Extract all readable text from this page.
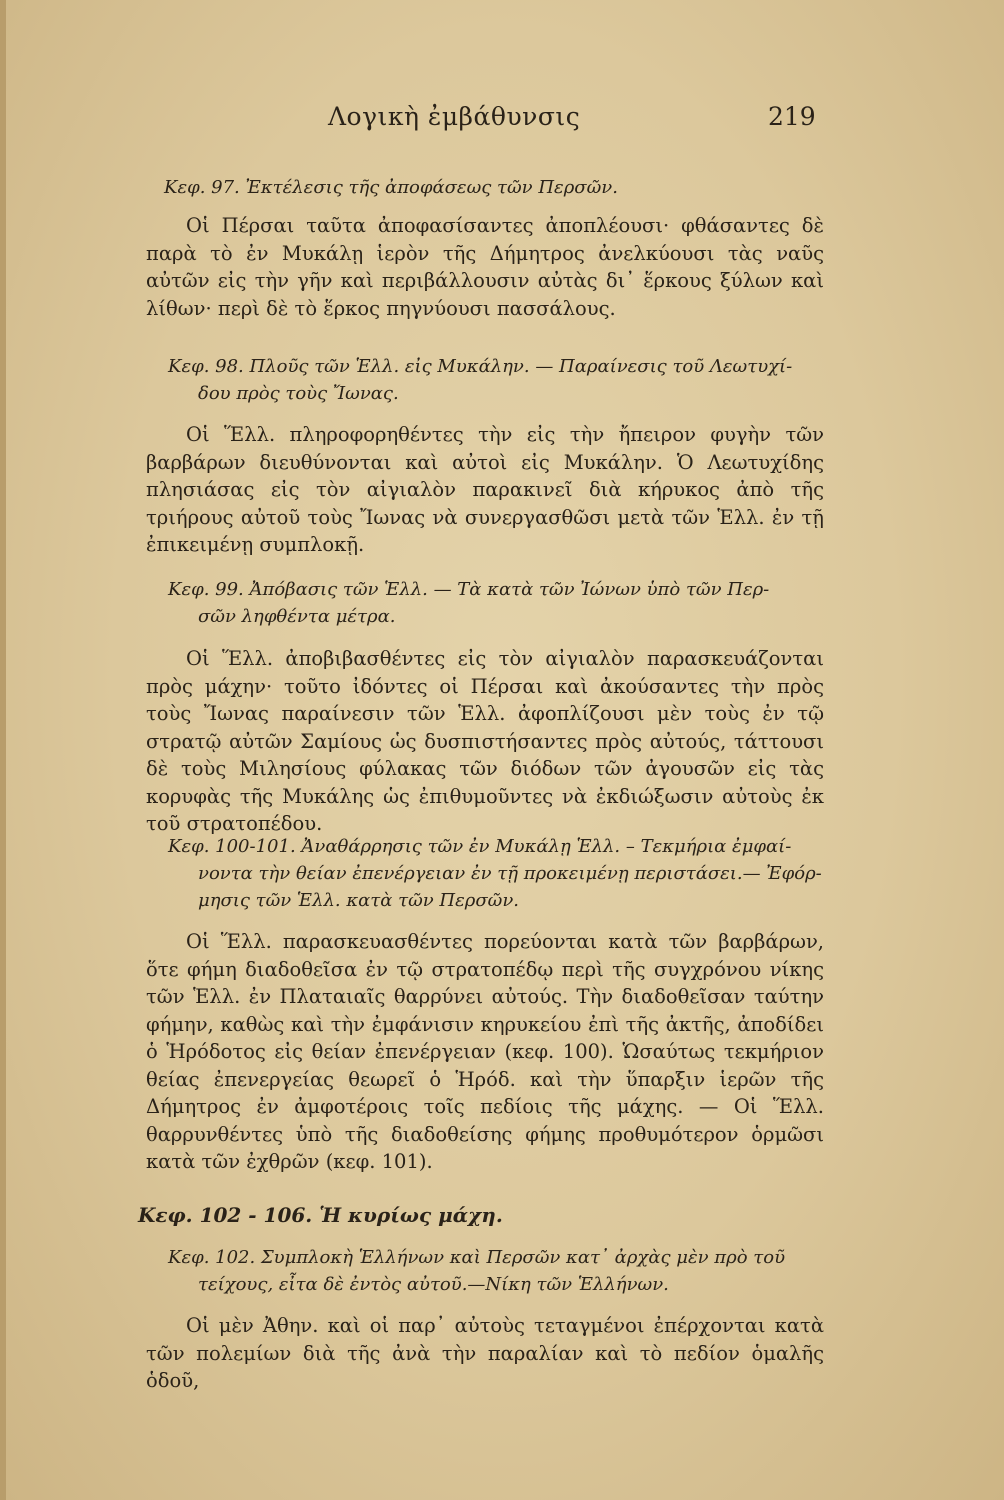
Λογικὴ ἐμβάθυνσις	219
Κεφ. 97. Ἐκτέλεσις τῆς ἀποφάσεως τῶν Περσῶν.
Οἱ Πέρσαι ταῦτα ἀποφασίσαντες ἀποπλέουσι· φθάσαντες δὲ παρὰ τὸ ἐν Μυκάλῃ ἱερὸν τῆς Δήμητρος ἀνελκύουσι τὰς ναῦς αὐτῶν εἰς τὴν γῆν καὶ περιβάλλουσιν αὐτὰς δι᾿ ἕρκους ξύλων καὶ λίθων· περὶ δὲ τὸ ἕρκος πηγνύουσι πασσάλους.
Κεφ. 98. Πλοῦς τῶν Ἑλλ. εἰς Μυκάλην. — Παραίνεσις τοῦ Λεωτυχί-
δου πρὸς τοὺς Ἴωνας.
Οἱ Ἕλλ. πληροφορηθέντες τὴν εἰς τὴν ἤπειρον φυγὴν τῶν βαρβάρων διευθύνονται καὶ αὐτοὶ εἰς Μυκάλην. Ὁ Λεωτυχίδης πλησιάσας εἰς τὸν αἰγιαλὸν παρακινεῖ διὰ κήρυκος ἀπὸ τῆς τριήρους αὐτοῦ τοὺς Ἴωνας νὰ συνεργασθῶσι μετὰ τῶν Ἑλλ. ἐν τῇ ἐπικειμένῃ συμπλοκῇ.
Κεφ. 99. Ἀπόβασις τῶν Ἑλλ. — Τὰ κατὰ τῶν Ἰώνων ὑπὸ τῶν Περ-
σῶν ληφθέντα μέτρα.
Οἱ Ἕλλ. ἀποβιβασθέντες εἰς τὸν αἰγιαλὸν παρασκευάζονται πρὸς μάχην· τοῦτο ἰδόντες οἱ Πέρσαι καὶ ἀκούσαντες τὴν πρὸς τοὺς Ἴωνας παραίνεσιν τῶν Ἑλλ. ἀφοπλίζουσι μὲν τοὺς ἐν τῷ στρατῷ αὐτῶν Σαμίους ὡς δυσπιστήσαντες πρὸς αὐτούς, τάττουσι δὲ τοὺς Μιλησίους φύλακας τῶν διόδων τῶν ἀγουσῶν εἰς τὰς κορυφὰς τῆς Μυκάλης ὡς ἐπιθυμοῦντες νὰ ἐκδιώξωσιν αὐτοὺς ἐκ τοῦ στρατοπέδου.
Κεφ. 100-101. Ἀναθάρρησις τῶν ἐν Μυκάλῃ Ἑλλ. – Τεκμήρια ἐμφαί-
νοντα τὴν θείαν ἐπενέργειαν ἐν τῇ προκειμένῃ περιστάσει.— Ἐφόρ-
μησις τῶν Ἑλλ. κατὰ τῶν Περσῶν.
Οἱ Ἕλλ. παρασκευασθέντες πορεύονται κατὰ τῶν βαρβάρων, ὅτε φήμη διαδοθεῖσα ἐν τῷ στρατοπέδῳ περὶ τῆς συγχρόνου νίκης τῶν Ἑλλ. ἐν Πλαταιαῖς θαρρύνει αὐτούς. Τὴν διαδοθεῖσαν ταύτην φήμην, καθὼς καὶ τὴν ἐμφάνισιν κηρυκείου ἐπὶ τῆς ἀκτῆς, ἀποδίδει ὁ Ἡρόδοτος εἰς θείαν ἐπενέργειαν (κεφ. 100). Ὡσαύτως τεκμήριον θείας ἐπενεργείας θεωρεῖ ὁ Ἡρόδ. καὶ τὴν ὕπαρξιν ἱερῶν τῆς Δήμητρος ἐν ἀμφοτέροις τοῖς πεδίοις τῆς μάχης. — Οἱ Ἕλλ. θαρρυνθέντες ὑπὸ τῆς διαδοθείσης φήμης προθυμότερον ὁρμῶσι κατὰ τῶν ἐχθρῶν (κεφ. 101).
Κεφ. 102 - 106. Ἡ κυρίως μάχη.
Κεφ. 102. Συμπλοκὴ Ἑλλήνων καὶ Περσῶν κατ᾿ ἀρχὰς μὲν πρὸ τοῦ
τείχους, εἶτα δὲ ἐντὸς αὐτοῦ.—Νίκη τῶν Ἑλλήνων.
Οἱ μὲν Ἀθην. καὶ οἱ παρ᾿ αὐτοὺς τεταγμένοι ἐπέρχονται κατὰ τῶν πολεμίων διὰ τῆς ἀνὰ τὴν παραλίαν καὶ τὸ πεδίον ὁμαλῆς ὁδοῦ,
